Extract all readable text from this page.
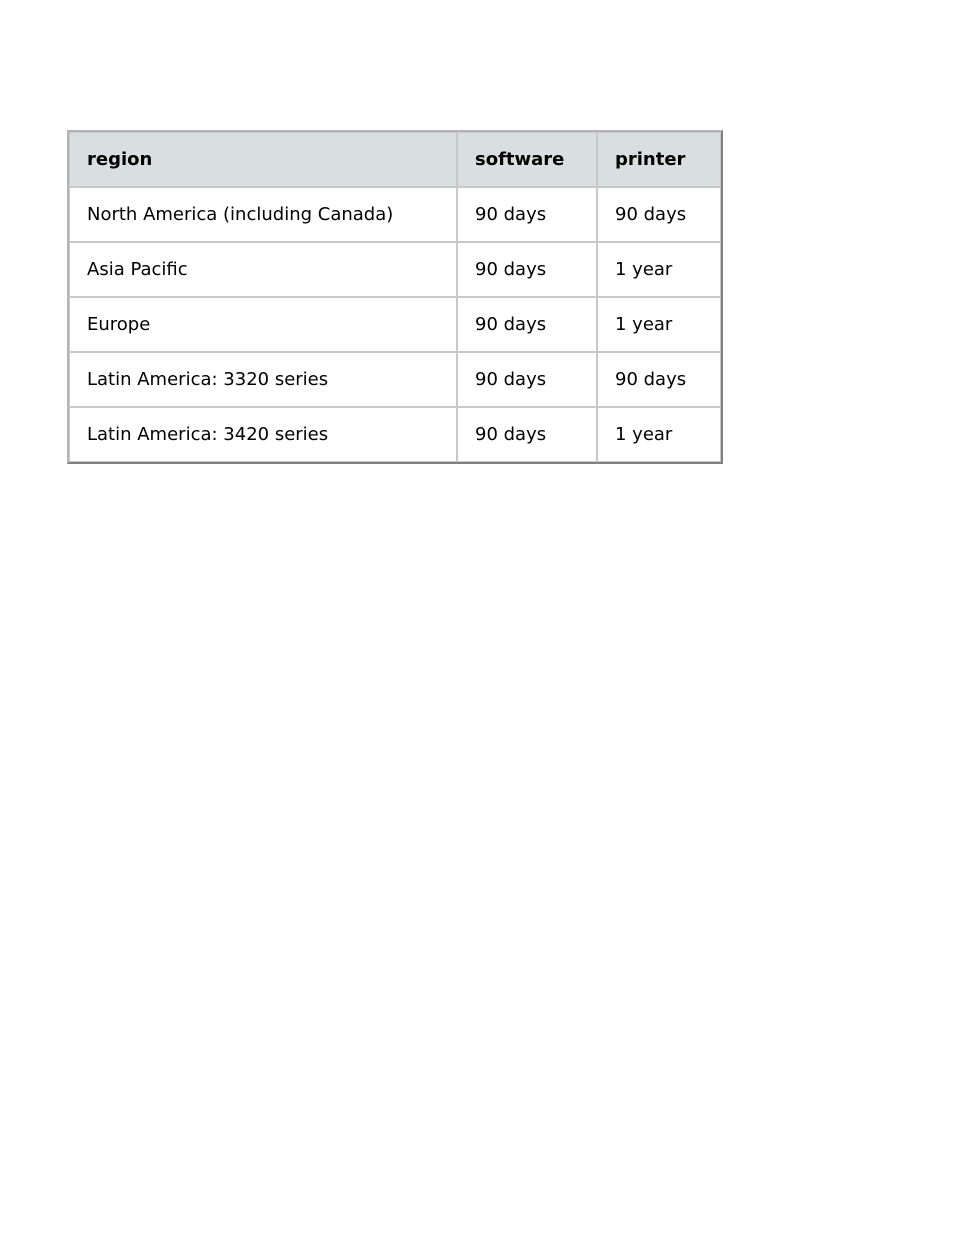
region	software	printer
North America (including Canada)	90 days	90 days
Asia Pacific	90 days	1 year
Europe	90 days	1 year
Latin America: 3320 series	90 days	90 days
Latin America: 3420 series	90 days	1 year
